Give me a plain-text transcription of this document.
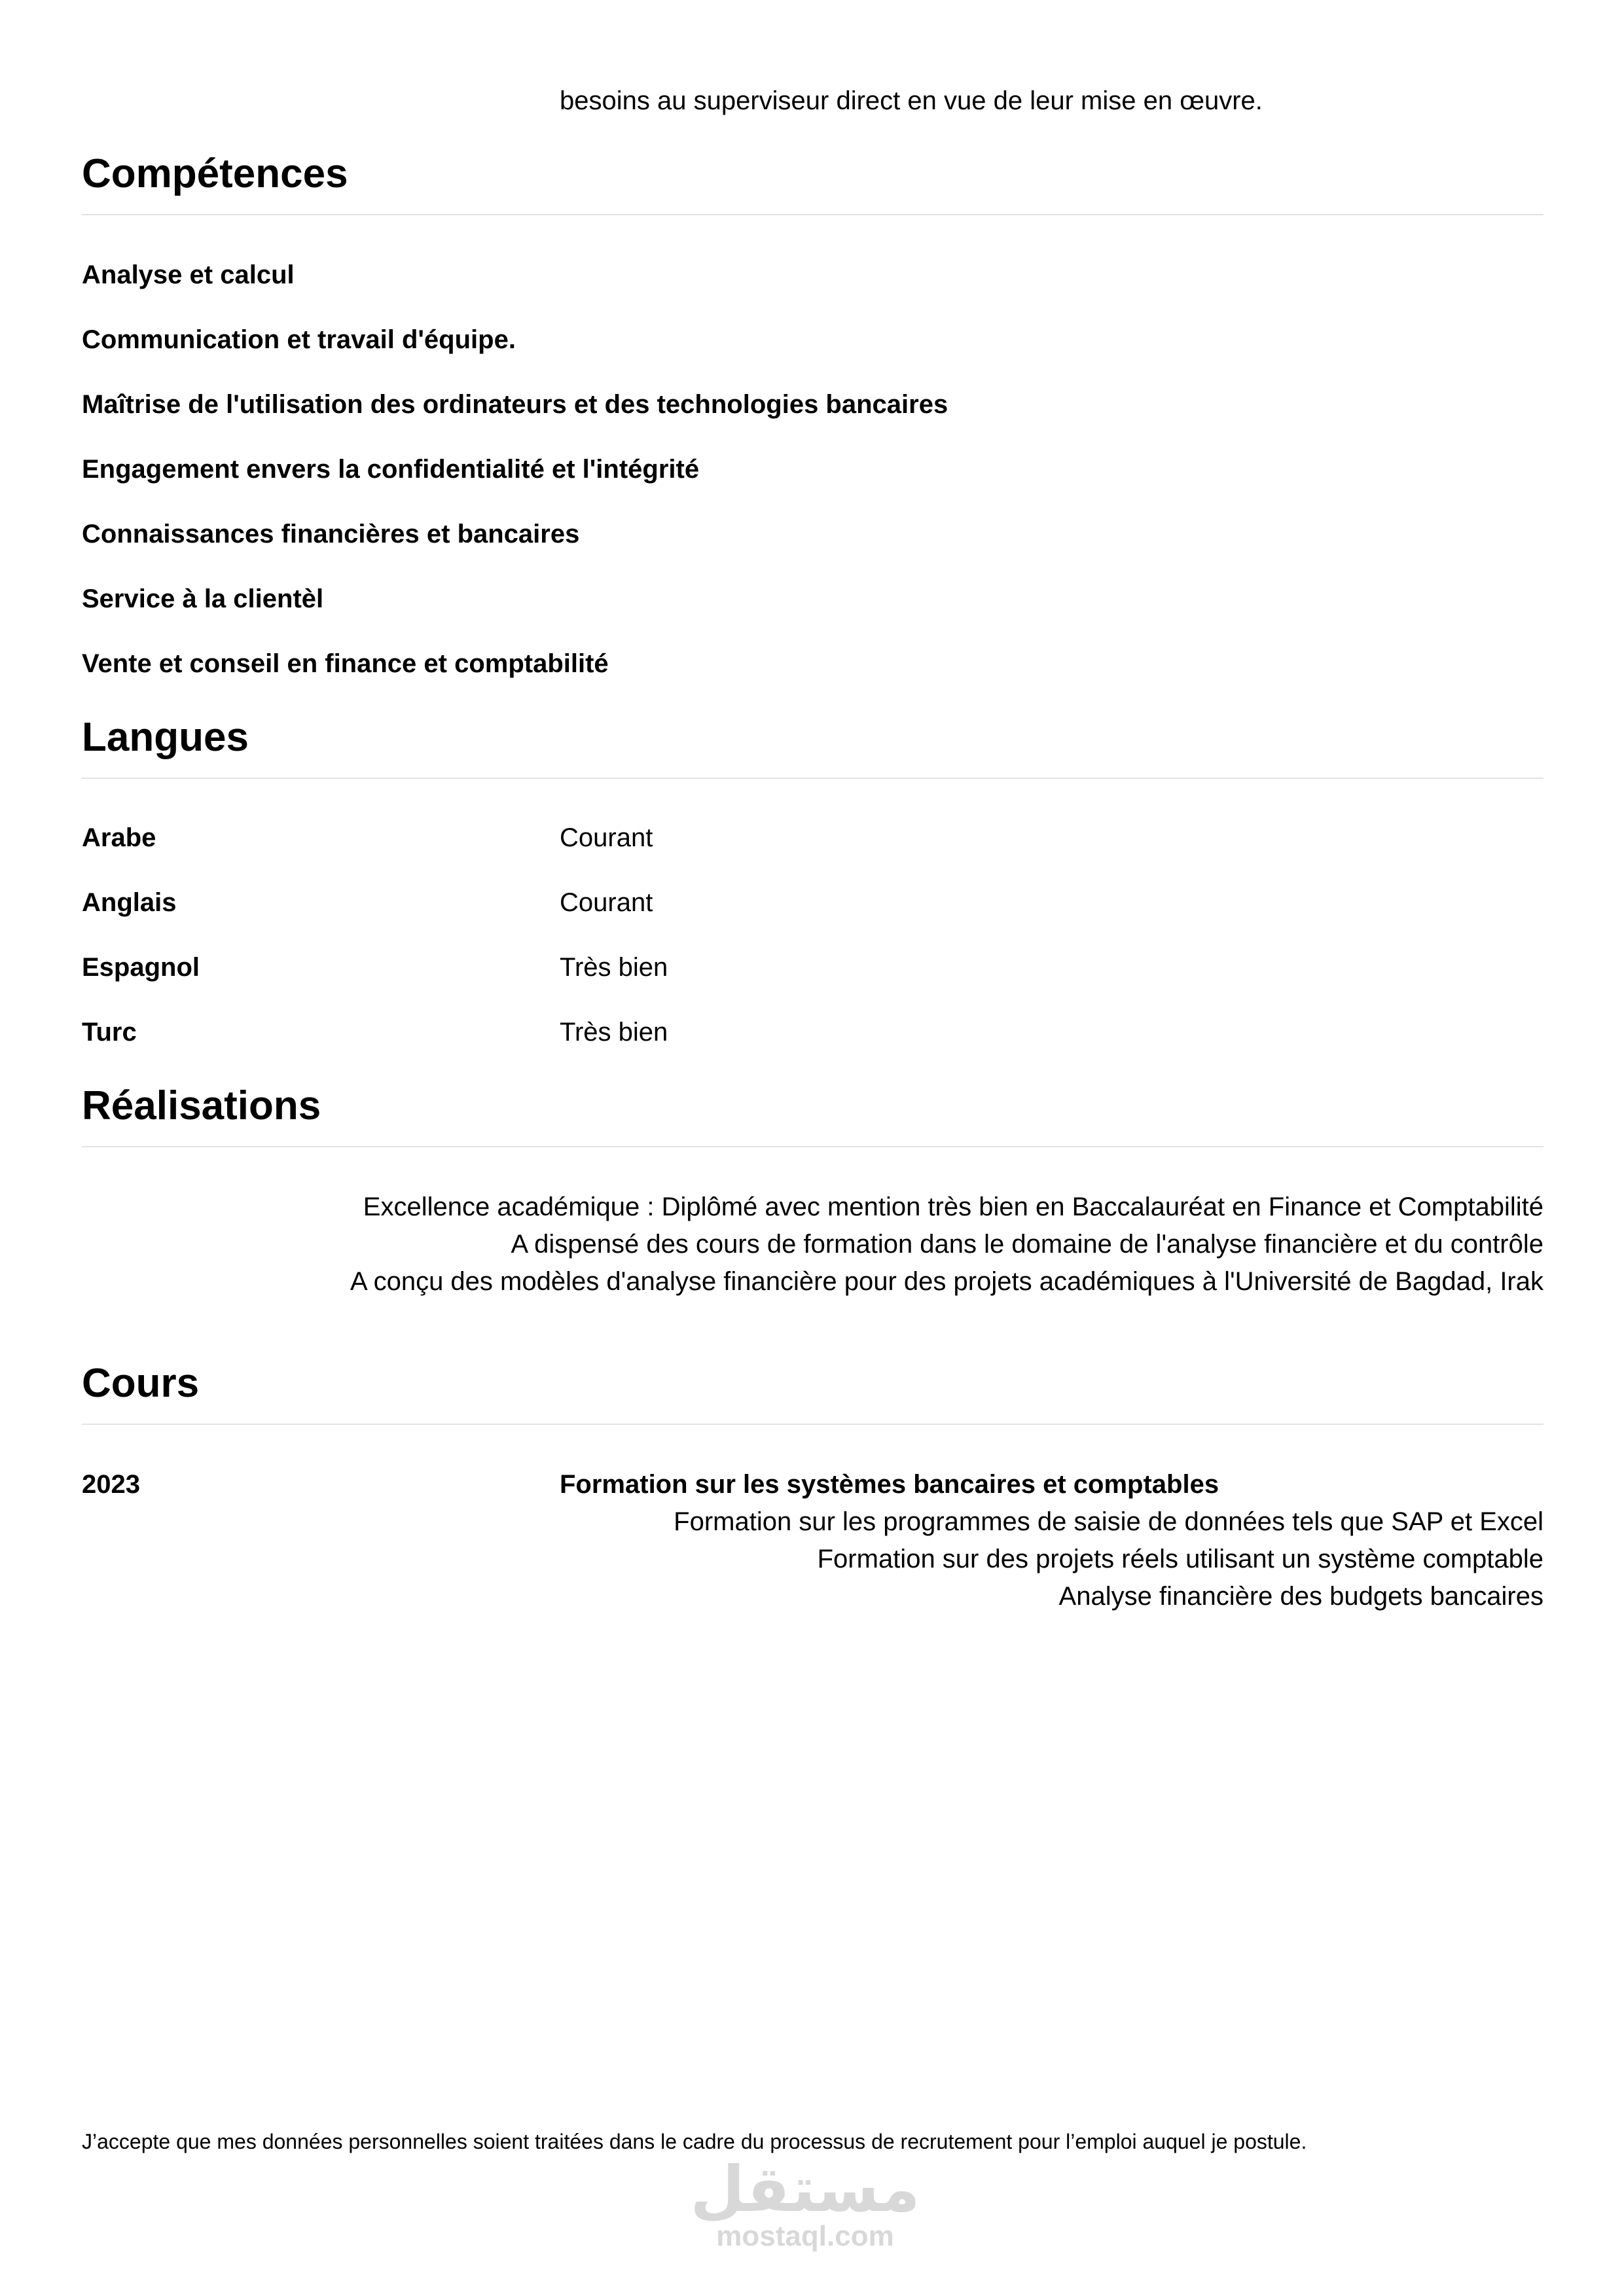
besoins au superviseur direct en vue de leur mise en œuvre.
Compétences
Analyse et calcul
Communication et travail d'équipe.
Maîtrise de l'utilisation des ordinateurs et des technologies bancaires
Engagement envers la confidentialité et l'intégrité
Connaissances financières et bancaires
Service à la clientèl
Vente et conseil en finance et comptabilité
Langues
Arabe	Courant
Anglais	Courant
Espagnol	Très bien
Turc	Très bien
Réalisations
Excellence académique : Diplômé avec mention très bien en Baccalauréat en Finance et Comptabilité
A dispensé des cours de formation dans le domaine de l'analyse financière et du contrôle
A conçu des modèles d'analyse financière pour des projets académiques à l'Université de Bagdad, Irak
Cours
2023	Formation sur les systèmes bancaires et comptables
Formation sur les programmes de saisie de données tels que SAP et Excel
Formation sur des projets réels utilisant un système comptable
Analyse financière des budgets bancaires
J’accepte que mes données personnelles soient traitées dans le cadre du processus de recrutement pour l’emploi auquel je postule.
مستقل
mostaql.com
